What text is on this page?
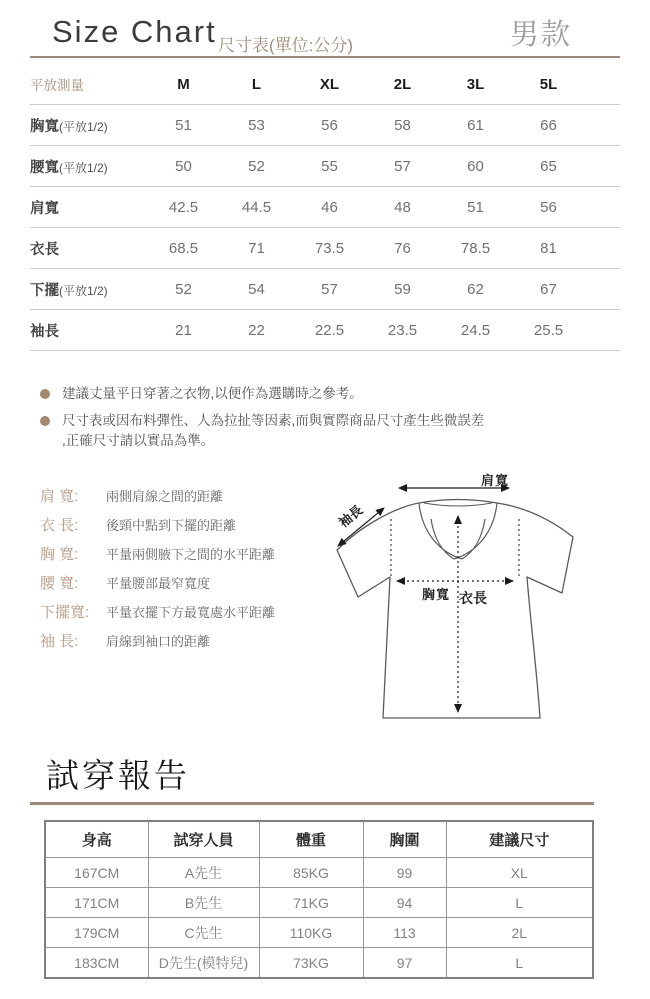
Size Chart 尺寸表(單位:公分)	男款
平放測量	M	L	XL	2L	3L	5L
胸寬(平放1/2)	51	53	56	58	61	66
腰寬(平放1/2)	50	52	55	57	60	65
肩寬	42.5	44.5	46	48	51	56
衣長	68.5	71	73.5	76	78.5	81
下擺(平放1/2)	52	54	57	59	62	67
袖長	21	22	22.5	23.5	24.5	25.5
建議丈量平日穿著之衣物,以便作為選購時之參考。
尺寸表或因布料彈性、人為拉扯等因素,而與實際商品尺寸產生些微誤差
,正確尺寸請以實品為準。
肩 寬:	兩側肩線之間的距離
衣 長:	後頸中點到下擺的距離
胸 寬:	平量兩側腋下之間的水平距離
腰 寬:	平量腰部最窄寬度
下擺寬:	平量衣擺下方最寬處水平距離
袖 長:	肩線到袖口的距離
肩寬
袖長
胸寬 衣長
試穿報告
身高	試穿人員	體重	胸圍	建議尺寸
167CM	A先生	85KG	99	XL
171CM	B先生	71KG	94	L
179CM	C先生	110KG	113	2L
183CM	D先生(模特兒)	73KG	97	L
